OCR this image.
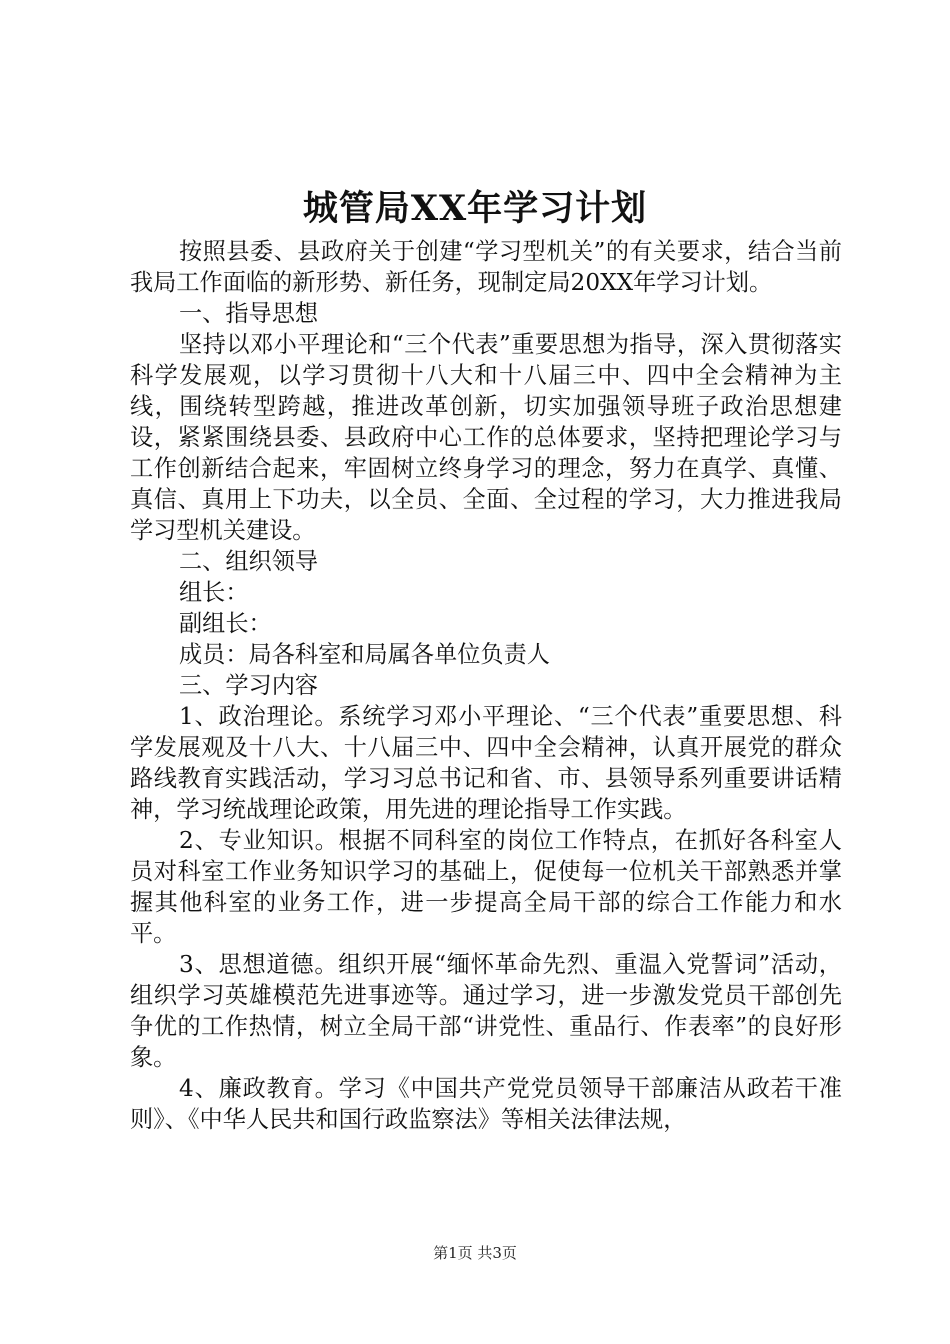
城管局XX年学习计划

按照县委、县政府关于创建“学习型机关”的有关要求，结合当前我局工作面临的新形势、新任务，现制定局20XX年学习计划。

一、指导思想

坚持以邓小平理论和“三个代表”重要思想为指导，深入贯彻落实科学发展观，以学习贯彻十八大和十八届三中、四中全会精神为主线，围绕转型跨越，推进改革创新，切实加强领导班子政治思想建设，紧紧围绕县委、县政府中心工作的总体要求，坚持把理论学习与工作创新结合起来，牢固树立终身学习的理念，努力在真学、真懂、真信、真用上下功夫，以全员、全面、全过程的学习，大力推进我局学习型机关建设。

二、组织领导

组长：

副组长：

成员：局各科室和局属各单位负责人

三、学习内容

1、政治理论。系统学习邓小平理论、“三个代表”重要思想、科学发展观及十八大、十八届三中、四中全会精神，认真开展党的群众路线教育实践活动，学习习总书记和省、市、县领导系列重要讲话精神，学习统战理论政策，用先进的理论指导工作实践。

2、专业知识。根据不同科室的岗位工作特点，在抓好各科室人员对科室工作业务知识学习的基础上，促使每一位机关干部熟悉并掌握其他科室的业务工作，进一步提高全局干部的综合工作能力和水平。

3、思想道德。组织开展“缅怀革命先烈、重温入党誓词”活动，组织学习英雄模范先进事迹等。通过学习，进一步激发党员干部创先争优的工作热情，树立全局干部“讲党性、重品行、作表率”的良好形象。

4、廉政教育。学习《中国共产党党员领导干部廉洁从政若干准则》、《中华人民共和国行政监察法》等相关法律法规，

第1页 共3页
